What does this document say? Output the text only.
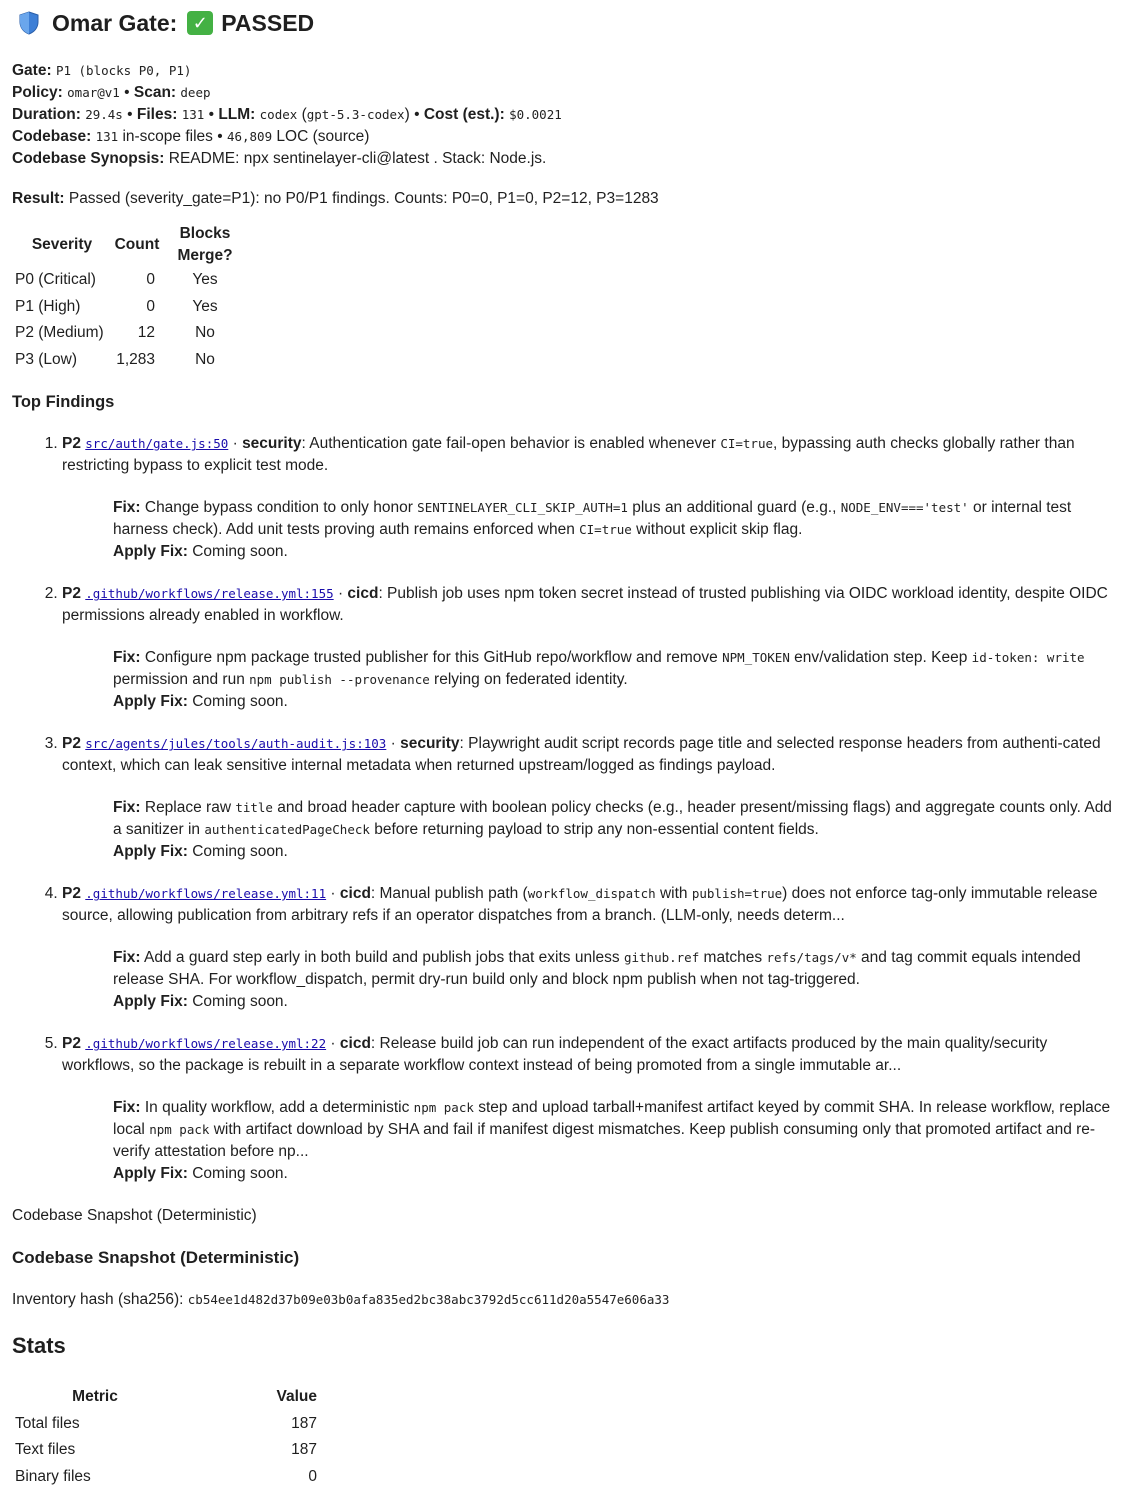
Omar Gate: ✓ PASSED
Gate: P1 (blocks P0, P1)
Policy: omar@v1 • Scan: deep
Duration: 29.4s • Files: 131 • LLM: codex (gpt-5.3-codex) • Cost (est.): $0.0021
Codebase: 131 in-scope files • 46,809 LOC (source)
Codebase Synopsis: README: npx sentinelayer-cli@latest . Stack: Node.js.
Result: Passed (severity_gate=P1): no P0/P1 findings. Counts: P0=0, P1=0, P2=12, P3=1283
Severity	Count	Blocks Merge?
P0 (Critical)	0	Yes
P1 (High)	0	Yes
P2 (Medium)	12	No
P3 (Low)	1,283	No
Top Findings
1. P2 src/auth/gate.js:50 · security: Authentication gate fail-open behavior is enabled whenever CI=true, bypassing auth checks globally rather than restricting bypass to explicit test mode.
Fix: Change bypass condition to only honor SENTINELAYER_CLI_SKIP_AUTH=1 plus an additional guard (e.g., NODE_ENV==='test' or internal test harness check). Add unit tests proving auth remains enforced when CI=true without explicit skip flag.
Apply Fix: Coming soon.
2. P2 .github/workflows/release.yml:155 · cicd: Publish job uses npm token secret instead of trusted publishing via OIDC workload identity, despite OIDC permissions already enabled in workflow.
Fix: Configure npm package trusted publisher for this GitHub repo/workflow and remove NPM_TOKEN env/validation step. Keep id-token: write permission and run npm publish --provenance relying on federated identity.
Apply Fix: Coming soon.
3. P2 src/agents/jules/tools/auth-audit.js:103 · security: Playwright audit script records page title and selected response headers from authenti-cated context, which can leak sensitive internal metadata when returned upstream/logged as findings payload.
Fix: Replace raw title and broad header capture with boolean policy checks (e.g., header present/missing flags) and aggregate counts only. Add a sanitizer in authenticatedPageCheck before returning payload to strip any non-essential content fields.
Apply Fix: Coming soon.
4. P2 .github/workflows/release.yml:11 · cicd: Manual publish path (workflow_dispatch with publish=true) does not enforce tag-only immutable release source, allowing publication from arbitrary refs if an operator dispatches from a branch. (LLM-only, needs determ...
Fix: Add a guard step early in both build and publish jobs that exits unless github.ref matches refs/tags/v* and tag commit equals intended release SHA. For workflow_dispatch, permit dry-run build only and block npm publish when not tag-triggered.
Apply Fix: Coming soon.
5. P2 .github/workflows/release.yml:22 · cicd: Release build job can run independent of the exact artifacts produced by the main quality/security workflows, so the package is rebuilt in a separate workflow context instead of being promoted from a single immutable ar...
Fix: In quality workflow, add a deterministic npm pack step and upload tarball+manifest artifact keyed by commit SHA. In release workflow, replace local npm pack with artifact download by SHA and fail if manifest digest mismatches. Keep publish consuming only that promoted artifact and re-verify attestation before np...
Apply Fix: Coming soon.
Codebase Snapshot (Deterministic)
Codebase Snapshot (Deterministic)
Inventory hash (sha256): cb54ee1d482d37b09e03b0afa835ed2bc38abc3792d5cc611d20a5547e606a33
Stats
Metric	Value
Total files	187
Text files	187
Binary files	0
